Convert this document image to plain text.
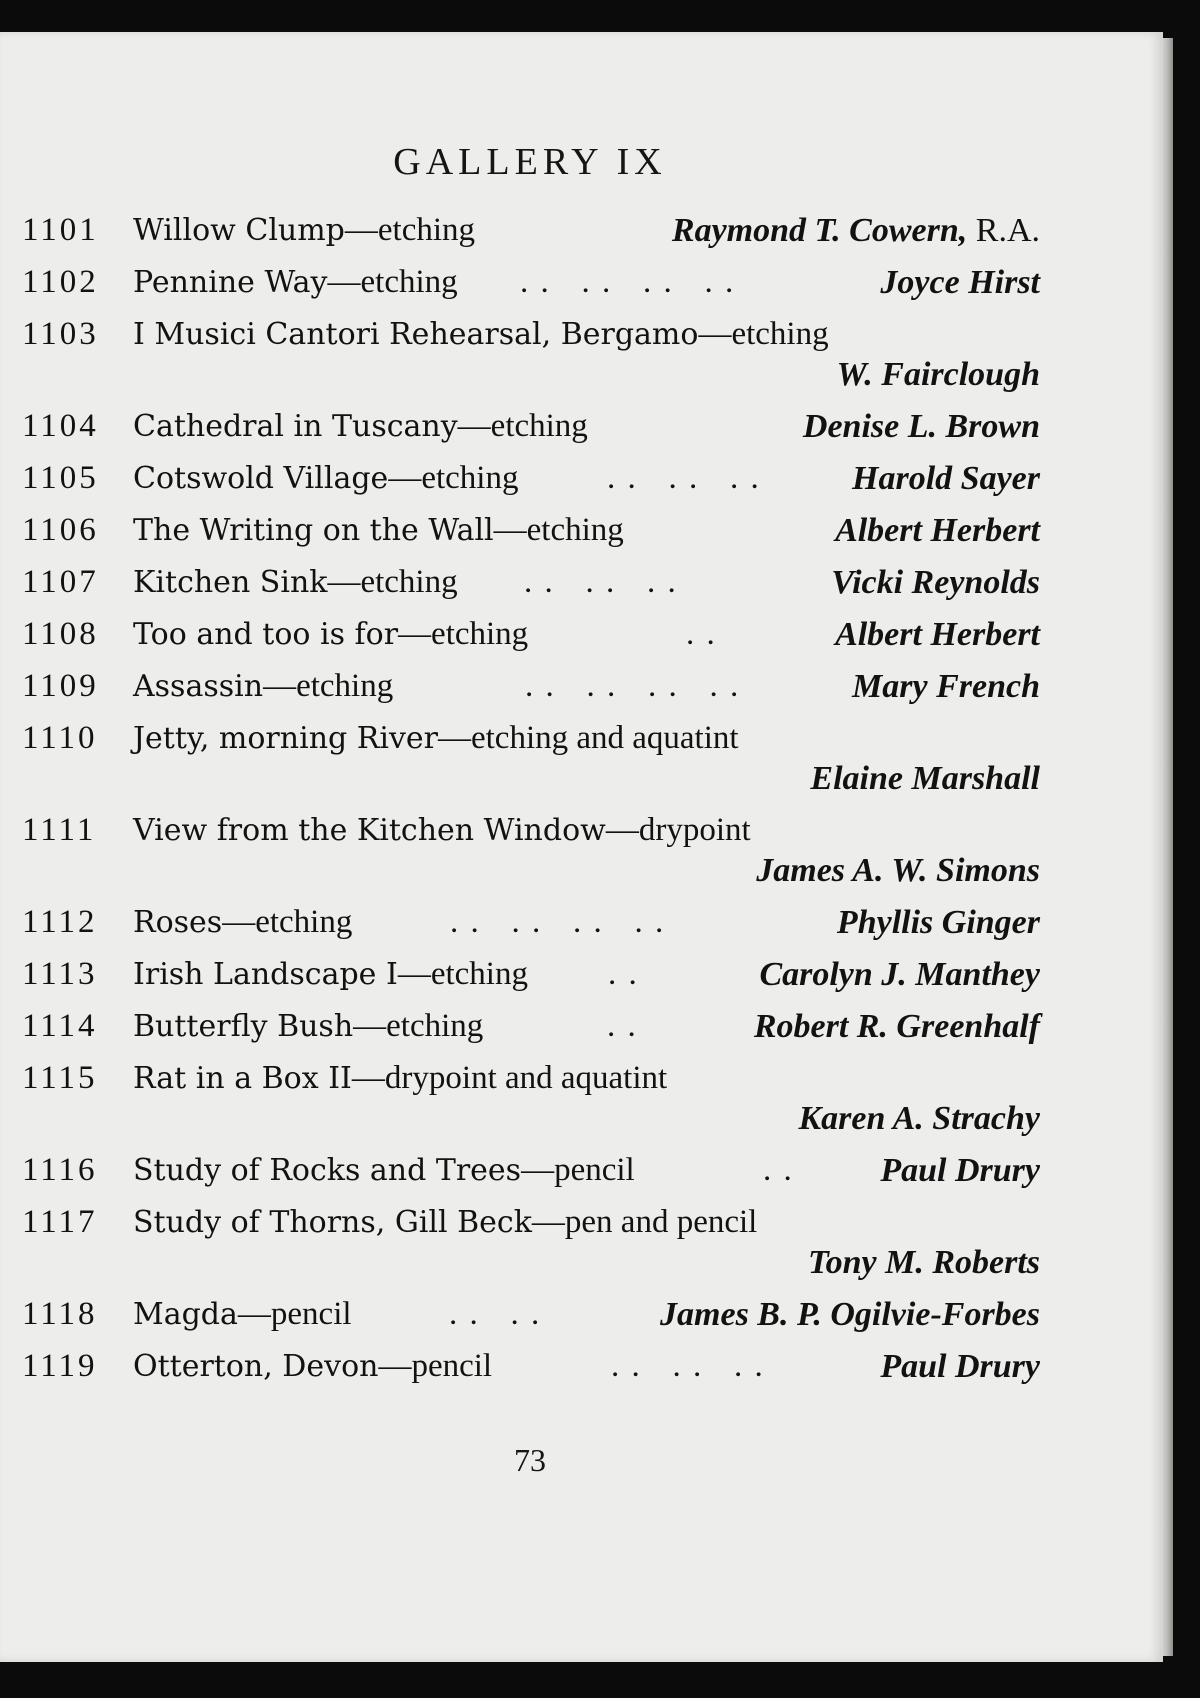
GALLERY IX
1101	Willow Clump—etching	Raymond T. Cowern, R.A.
1102	Pennine Way—etching . .   . .   . .   . .	Joyce Hirst
1103	I Musici Cantori Rehearsal, Bergamo—etching
W. Fairclough
1104	Cathedral in Tuscany—etching	Denise L. Brown
1105	Cotswold Village—etching	. .   . .   . .	Harold Sayer
1106	The Writing on the Wall—etching	Albert Herbert
1107	Kitchen Sink—etching . .   . .   . .	Vicki Reynolds
1108	Too and too is for—etching	. .	Albert Herbert
1109	Assassin—etching	. .   . .   . .   . .	Mary French
1110	Jetty, morning River—etching and aquatint
Elaine Marshall
1111	View from the Kitchen Window—drypoint
James A. W. Simons
1112	Roses—etching	. .   . .   . .   . .	Phyllis Ginger
1113	Irish Landscape I—etching . .	Carolyn J. Manthey
1114	Butterfly Bush—etching	. .	Robert R. Greenhalf
1115	Rat in a Box II—drypoint and aquatint
Karen A. Strachy
1116	Study of Rocks and Trees—pencil	. .	Paul Drury
1117	Study of Thorns, Gill Beck—pen and pencil
Tony M. Roberts
1118	Magda—pencil	. .   . .	James B. P. Ogilvie-Forbes
1119	Otterton, Devon—pencil	. .   . .   . .	Paul Drury
73
